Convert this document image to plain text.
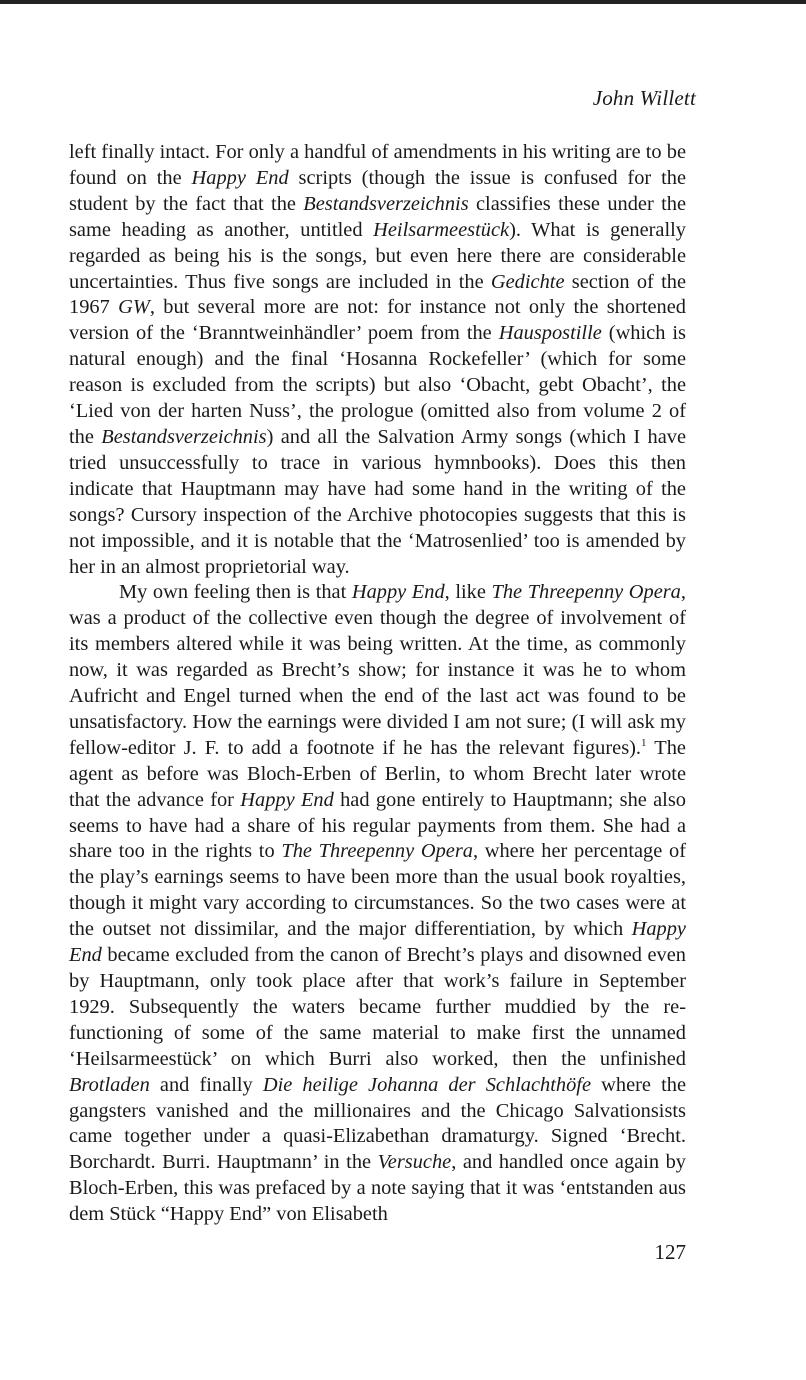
John Willett

left finally intact. For only a handful of amendments in his writing are to be found on the Happy End scripts (though the issue is confused for the student by the fact that the Bestandsverzeichnis classifies these under the same heading as another, untitled Heilsarmeestück). What is generally regarded as being his is the songs, but even here there are considerable uncertainties. Thus five songs are included in the Gedichte section of the 1967 GW, but several more are not: for instance not only the shortened version of the ‘Branntweinhändler’ poem from the Hauspostille (which is natural enough) and the final ‘Hosanna Rockefeller’ (which for some reason is excluded from the scripts) but also ‘Obacht, gebt Obacht’, the ‘Lied von der harten Nuss’, the prologue (omitted also from volume 2 of the Bestandsverzeichnis) and all the Salvation Army songs (which I have tried unsuccessfully to trace in various hymnbooks). Does this then indicate that Hauptmann may have had some hand in the writing of the songs? Cursory inspection of the Archive photocopies suggests that this is not impossible, and it is notable that the ‘Matrosenlied’ too is amended by her in an almost proprietorial way.

My own feeling then is that Happy End, like The Threepenny Opera, was a product of the collective even though the degree of involvement of its members altered while it was being written. At the time, as commonly now, it was regarded as Brecht’s show; for instance it was he to whom Aufricht and Engel turned when the end of the last act was found to be unsatisfactory. How the earnings were divided I am not sure; (I will ask my fellow-editor J. F. to add a footnote if he has the relevant figures).$^1$ The agent as before was Bloch-Erben of Berlin, to whom Brecht later wrote that the advance for Happy End had gone entirely to Hauptmann; she also seems to have had a share of his regular payments from them. She had a share too in the rights to The Threepenny Opera, where her percentage of the play’s earnings seems to have been more than the usual book royalties, though it might vary according to circumstances. So the two cases were at the outset not dissimilar, and the major differentiation, by which Happy End became excluded from the canon of Brecht’s plays and disowned even by Hauptmann, only took place after that work’s failure in September 1929. Subsequently the waters became further muddied by the re-functioning of some of the same material to make first the unnamed ‘Heilsarmeestück’ on which Burri also worked, then the unfinished Brotladen and finally Die heilige Johanna der Schlachthöfe where the gangsters vanished and the millionaires and the Chicago Salvationsists came together under a quasi-Elizabethan dramaturgy. Signed ‘Brecht. Borchardt. Burri. Hauptmann’ in the Versuche, and handled once again by Bloch-Erben, this was prefaced by a note saying that it was ‘entstanden aus dem Stück “Happy End” von Elisabeth

127
